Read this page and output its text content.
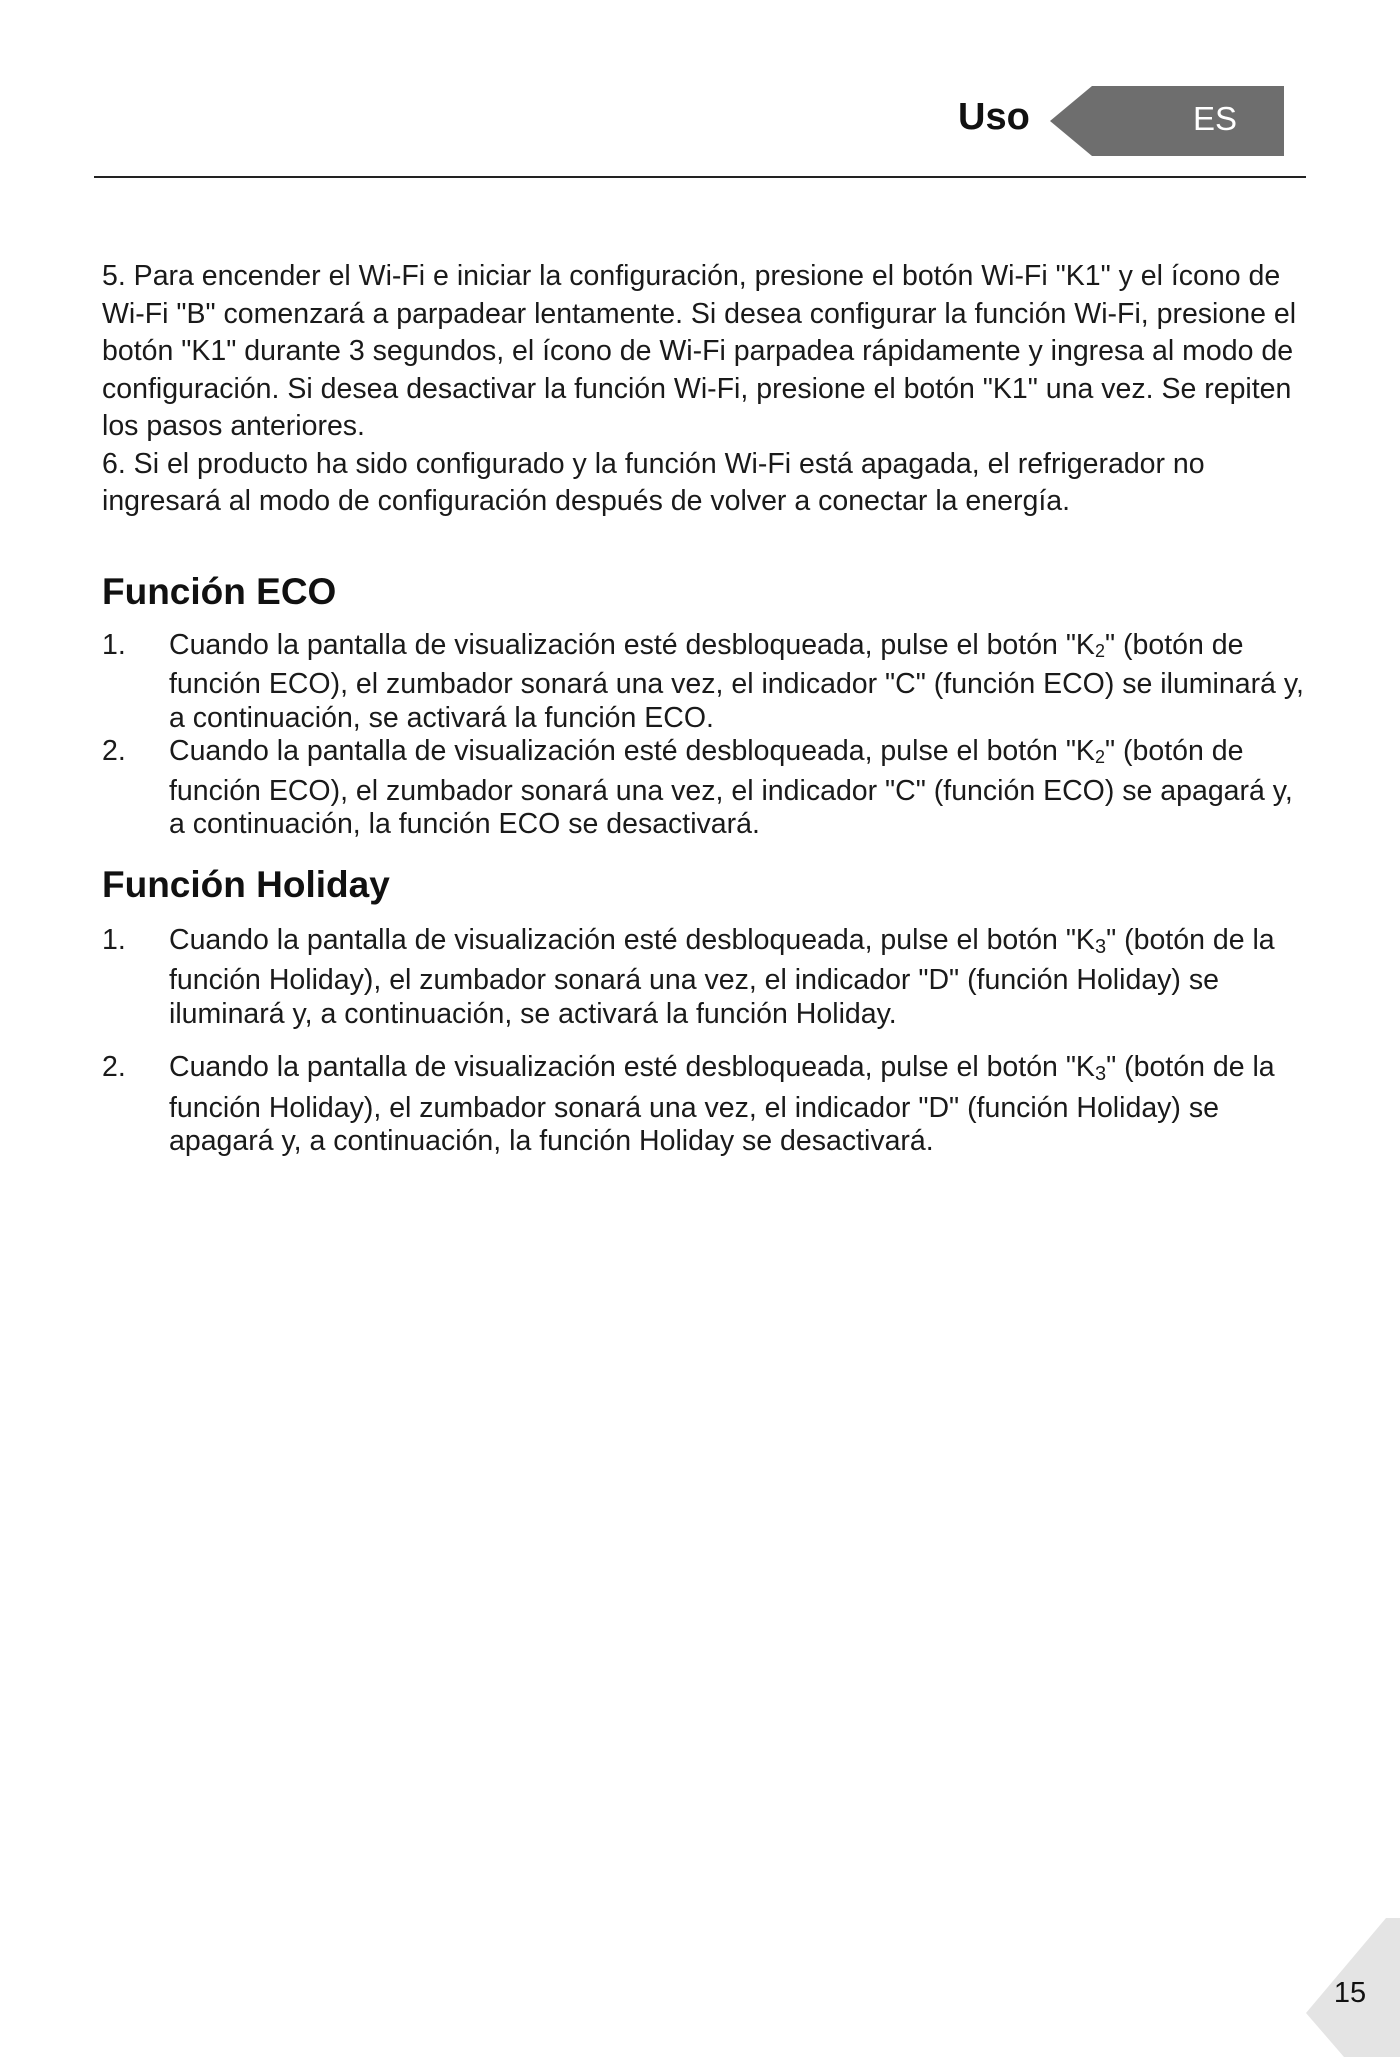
Uso	ES

5. Para encender el Wi-Fi e iniciar la configuración, presione el botón Wi-Fi "K1" y el ícono de Wi-Fi "B" comenzará a parpadear lentamente. Si desea configurar la función Wi-Fi, presione el botón "K1" durante 3 segundos, el ícono de Wi-Fi parpadea rápidamente y ingresa al modo de configuración. Si desea desactivar la función Wi-Fi, presione el botón "K1" una vez. Se repiten los pasos anteriores.

6. Si el producto ha sido configurado y la función Wi-Fi está apagada, el refrigerador no ingresará al modo de configuración después de volver a conectar la energía.

Función ECO
1.	Cuando la pantalla de visualización esté desbloqueada, pulse el botón "$K_2$" (botón de función ECO), el zumbador sonará una vez, el indicador "C" (función ECO) se iluminará y, a continuación, se activará la función ECO.
2.	Cuando la pantalla de visualización esté desbloqueada, pulse el botón "$K_2$" (botón de función ECO), el zumbador sonará una vez, el indicador "C" (función ECO) se apagará y, a continuación, la función ECO se desactivará.
Función Holiday
1.	Cuando la pantalla de visualización esté desbloqueada, pulse el botón "$K_3$" (botón de la función Holiday), el zumbador sonará una vez, el indicador "D" (función Holiday) se iluminará y, a continuación, se activará la función Holiday.
2.	Cuando la pantalla de visualización esté desbloqueada, pulse el botón "$K_3$" (botón de la función Holiday), el zumbador sonará una vez, el indicador "D" (función Holiday) se apagará y, a continuación, la función Holiday se desactivará.
15
